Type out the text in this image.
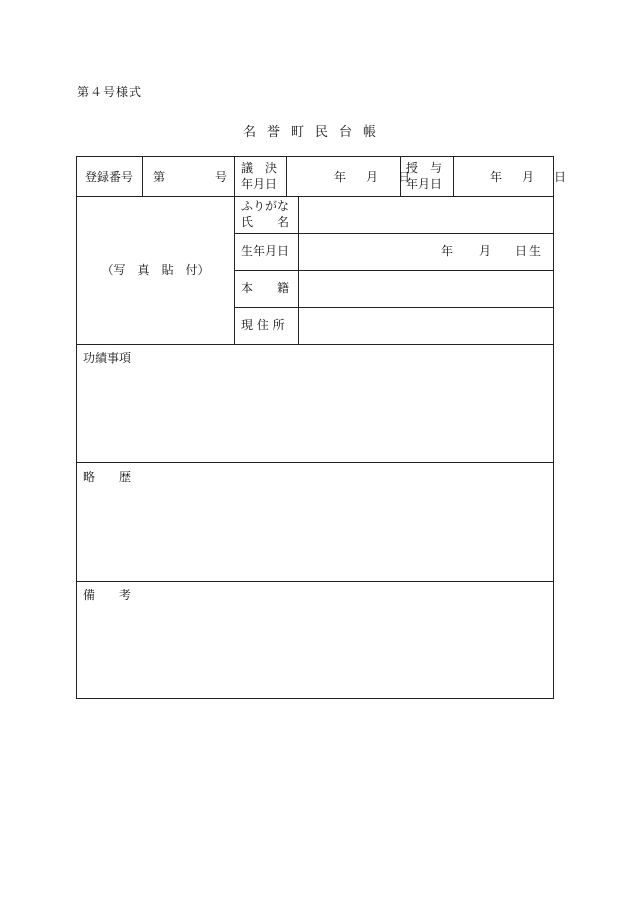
第４号様式
名誉町民台帳
登録番号 第	号
議　決
年月日	年 月 日
授　与
年月日	年 月 日
（写　真　貼　付）
ふりがな
氏　　名
生年月日	年 月 日生
本　　籍
現 住 所
功績事項
略　　歴
備　　考
